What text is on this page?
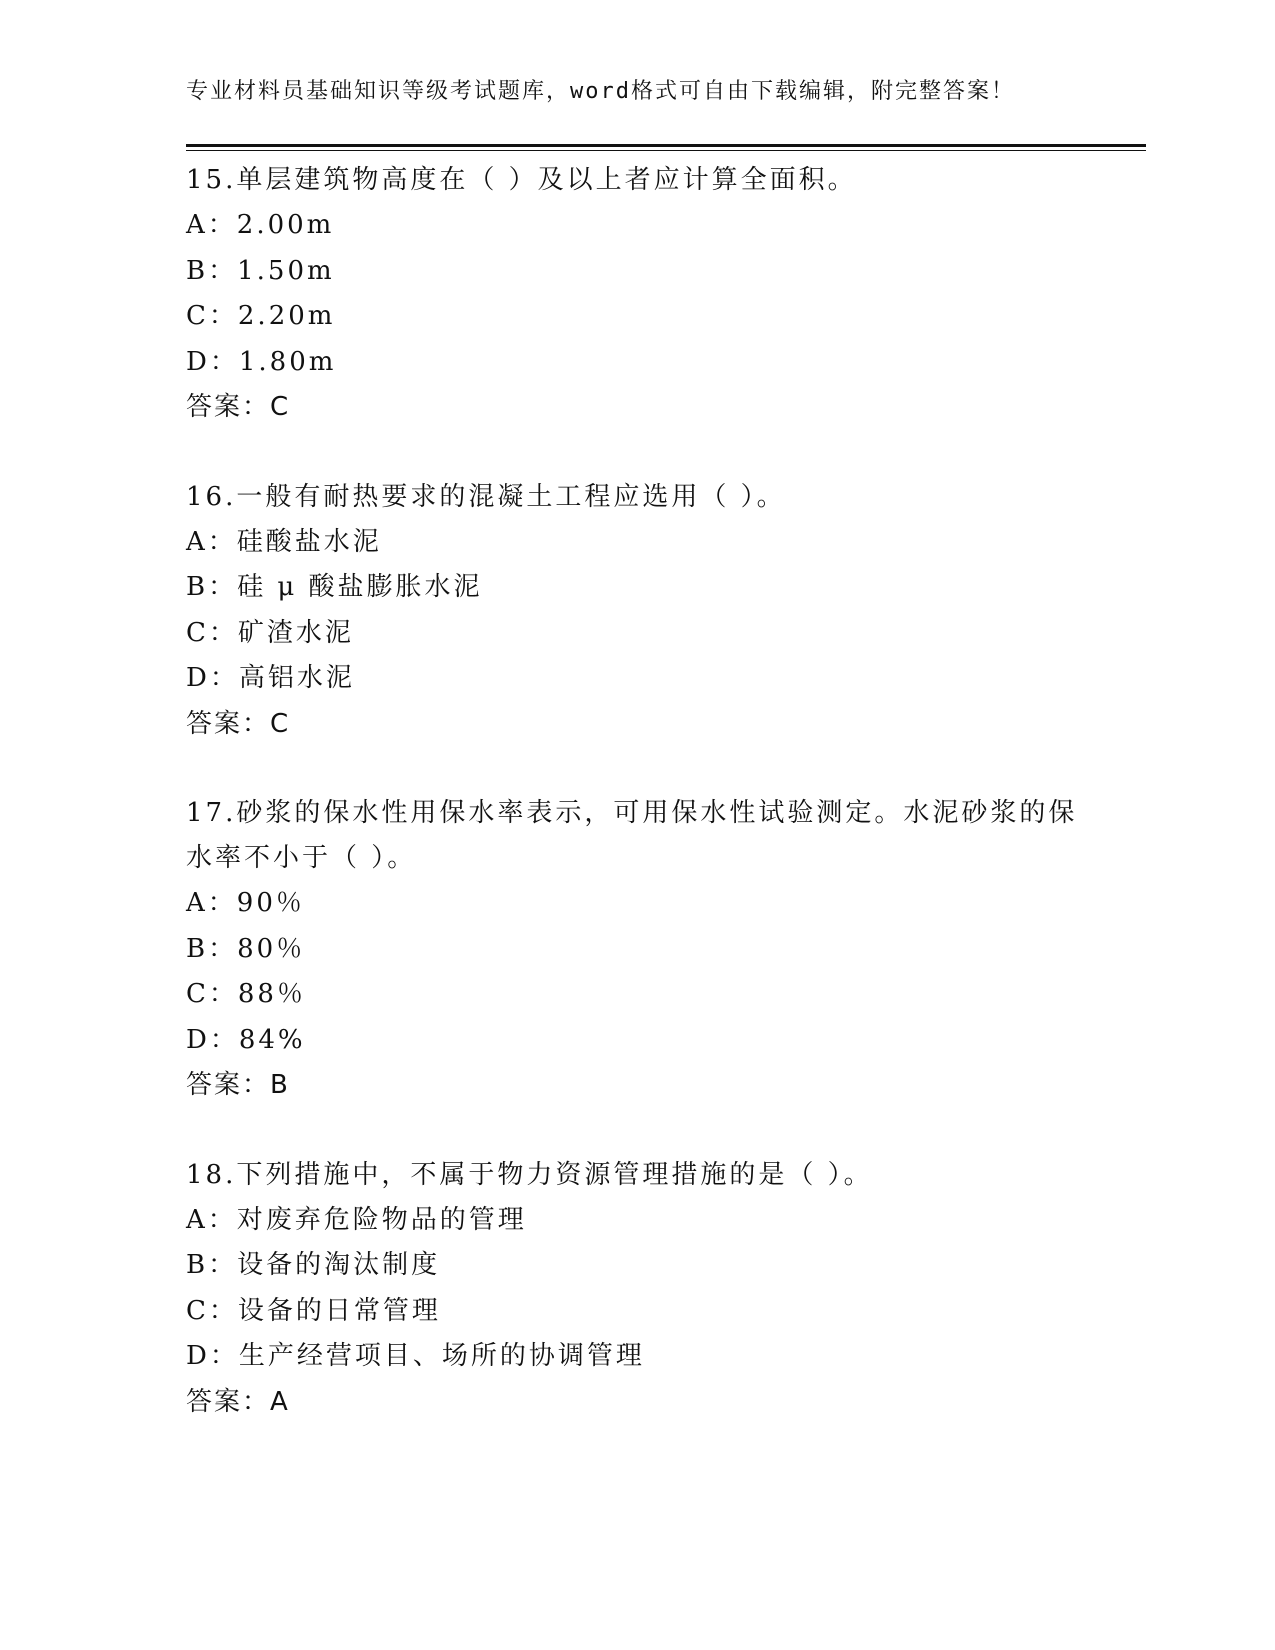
专业材料员基础知识等级考试题库，word格式可自由下载编辑，附完整答案！

15.单层建筑物高度在（ ）及以上者应计算全面积。

A：2.00m

B：1.50m

C：2.20m

D：1.80m

答案：C

16.一般有耐热要求的混凝土工程应选用（ ）。

A：硅酸盐水泥

B：硅 μ 酸盐膨胀水泥

C：矿渣水泥

D：高铝水泥

答案：C

17.砂浆的保水性用保水率表示，可用保水性试验测定。水泥砂浆的保水率不小于（ ）。

A：90％

B：80％

C：88％

D：84%

答案：B

18.下列措施中，不属于物力资源管理措施的是（ ）。

A：对废弃危险物品的管理

B：设备的淘汰制度

C：设备的日常管理

D：生产经营项目、场所的协调管理

答案：A
